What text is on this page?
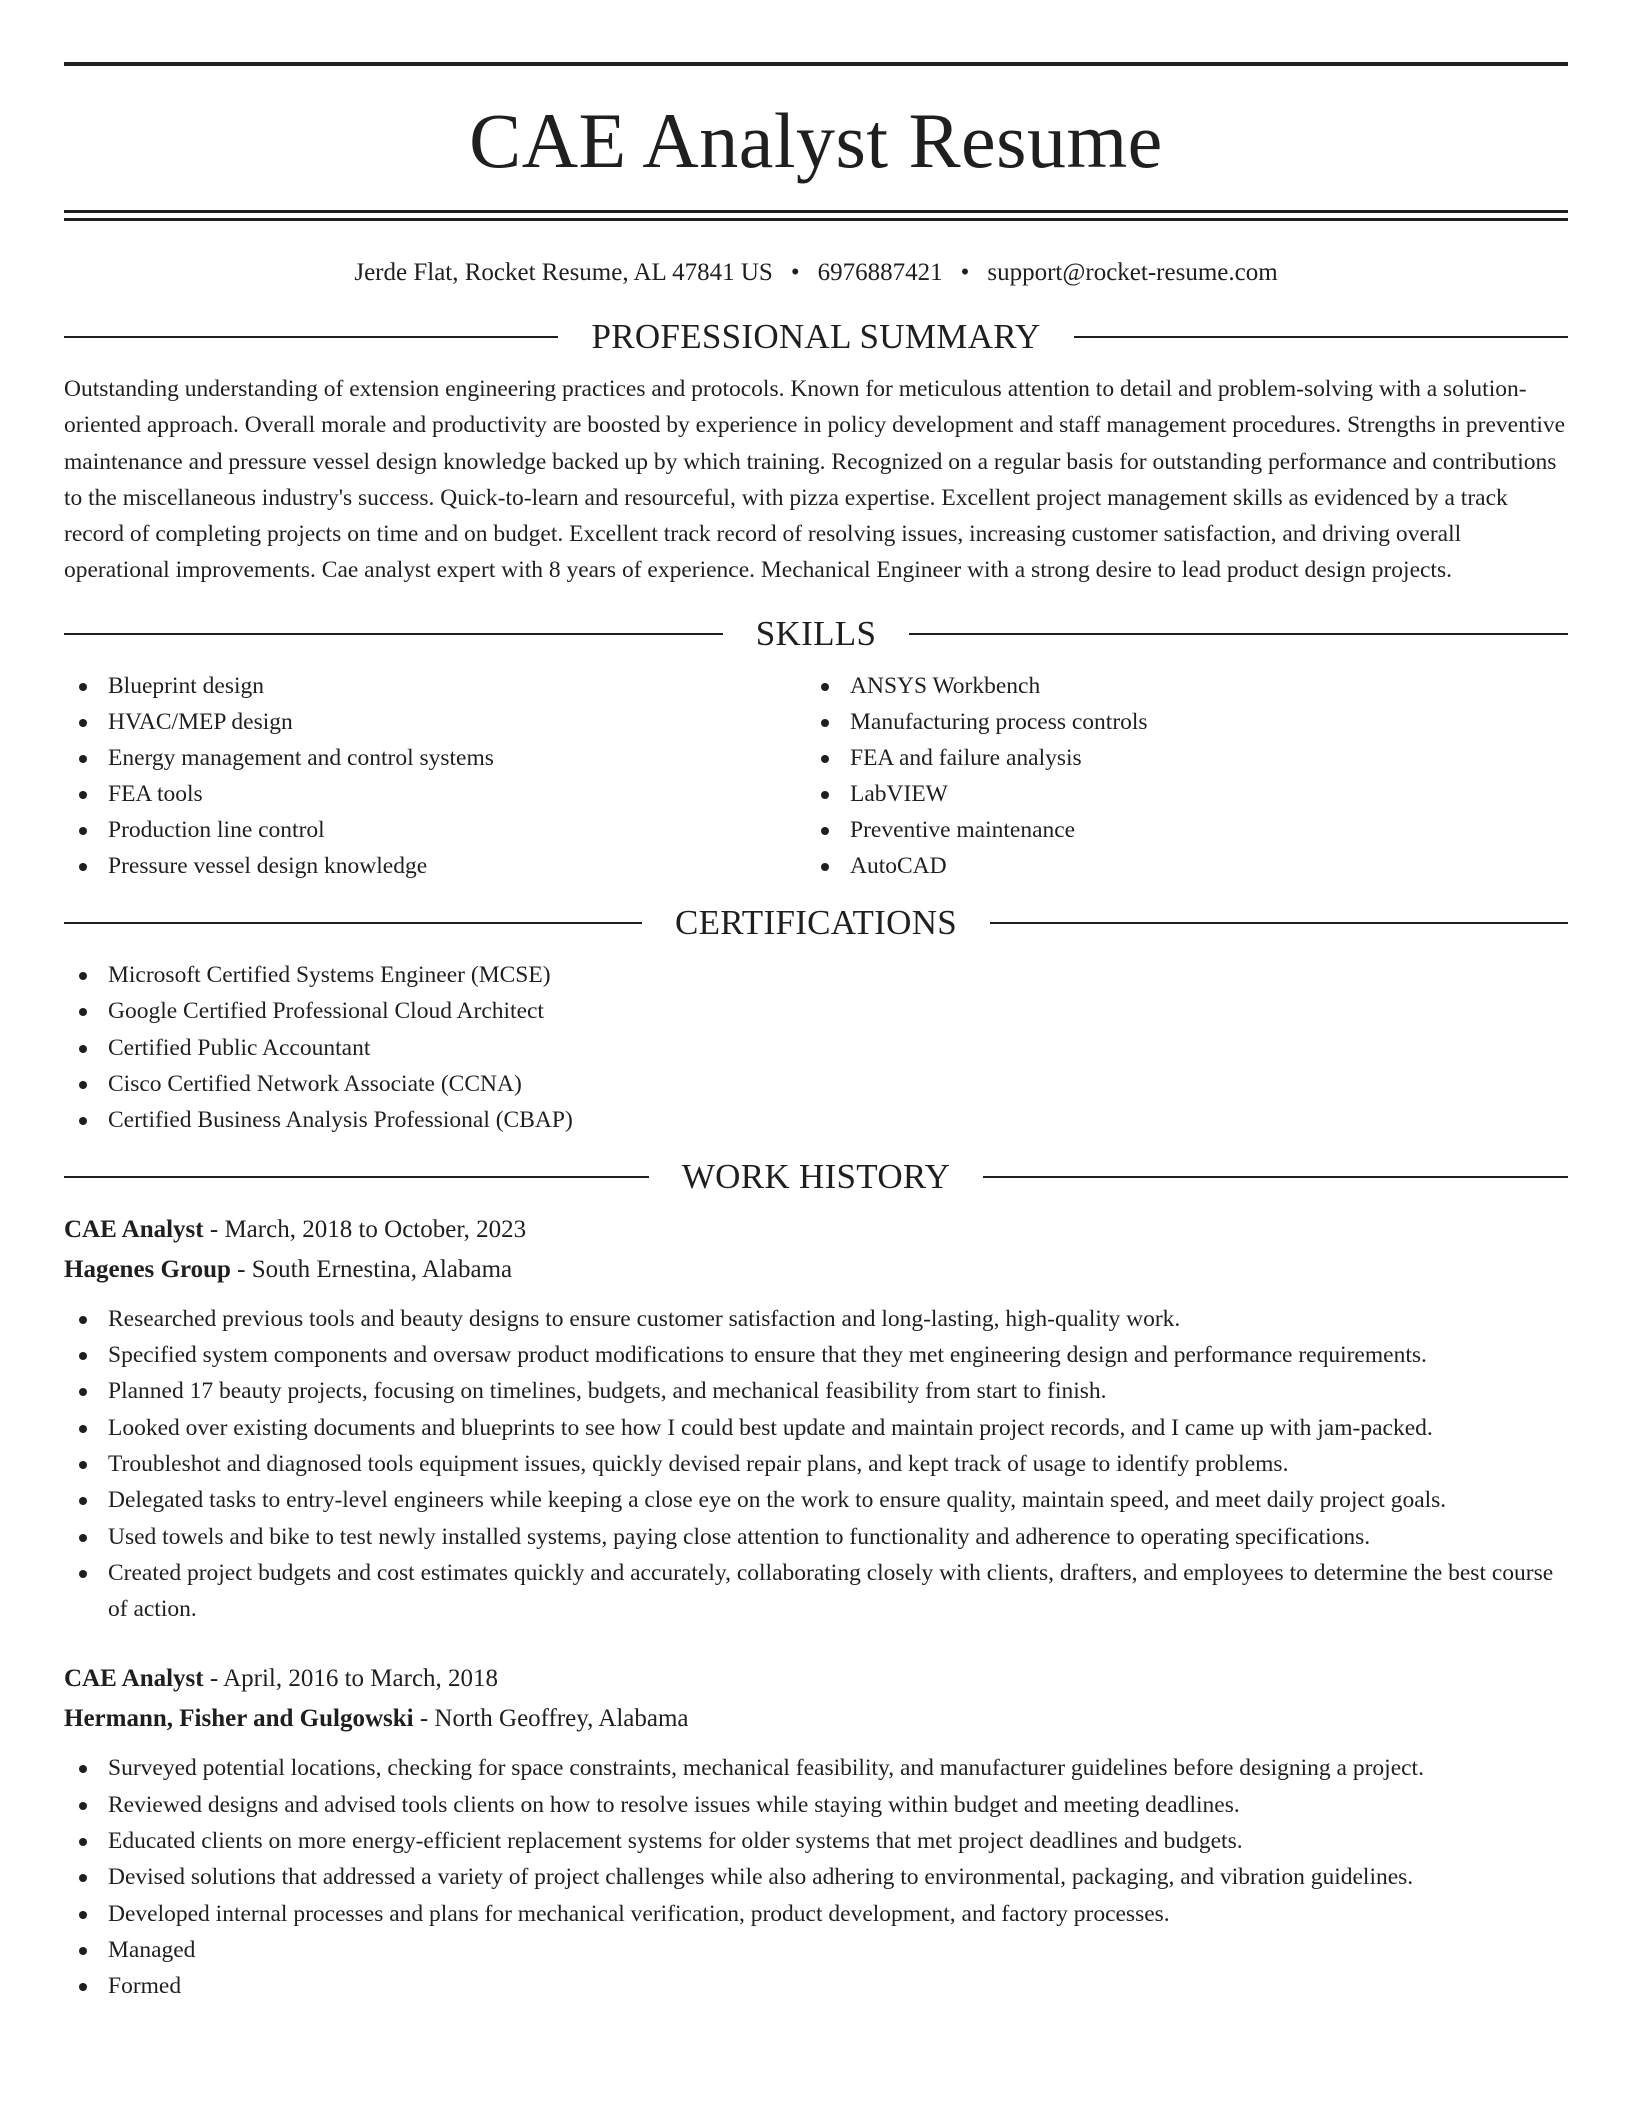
CAE Analyst Resume
Jerde Flat, Rocket Resume, AL 47841 US • 6976887421 • support@rocket-resume.com
PROFESSIONAL SUMMARY

Outstanding understanding of extension engineering practices and protocols. Known for meticulous attention to detail and problem-solving with a solution-oriented approach. Overall morale and productivity are boosted by experience in policy development and staff management procedures. Strengths in preventive maintenance and pressure vessel design knowledge backed up by which training. Recognized on a regular basis for outstanding performance and contributions to the miscellaneous industry's success. Quick-to-learn and resourceful, with pizza expertise. Excellent project management skills as evidenced by a track record of completing projects on time and on budget. Excellent track record of resolving issues, increasing customer satisfaction, and driving overall operational improvements. Cae analyst expert with 8 years of experience. Mechanical Engineer with a strong desire to lead product design projects.

SKILLS
Blueprint design
HVAC/MEP design
Energy management and control systems
FEA tools
Production line control
Pressure vessel design knowledge
ANSYS Workbench
Manufacturing process controls
FEA and failure analysis
LabVIEW
Preventive maintenance
AutoCAD
CERTIFICATIONS
Microsoft Certified Systems Engineer (MCSE)
Google Certified Professional Cloud Architect
Certified Public Accountant
Cisco Certified Network Associate (CCNA)
Certified Business Analysis Professional (CBAP)
WORK HISTORY
CAE Analyst - March, 2018 to October, 2023
Hagenes Group - South Ernestina, Alabama
Researched previous tools and beauty designs to ensure customer satisfaction and long-lasting, high-quality work.
Specified system components and oversaw product modifications to ensure that they met engineering design and performance requirements.
Planned 17 beauty projects, focusing on timelines, budgets, and mechanical feasibility from start to finish.
Looked over existing documents and blueprints to see how I could best update and maintain project records, and I came up with jam-packed.
Troubleshot and diagnosed tools equipment issues, quickly devised repair plans, and kept track of usage to identify problems.
Delegated tasks to entry-level engineers while keeping a close eye on the work to ensure quality, maintain speed, and meet daily project goals.
Used towels and bike to test newly installed systems, paying close attention to functionality and adherence to operating specifications.
Created project budgets and cost estimates quickly and accurately, collaborating closely with clients, drafters, and employees to determine the best course of action.
CAE Analyst - April, 2016 to March, 2018
Hermann, Fisher and Gulgowski - North Geoffrey, Alabama
Surveyed potential locations, checking for space constraints, mechanical feasibility, and manufacturer guidelines before designing a project.
Reviewed designs and advised tools clients on how to resolve issues while staying within budget and meeting deadlines.
Educated clients on more energy-efficient replacement systems for older systems that met project deadlines and budgets.
Devised solutions that addressed a variety of project challenges while also adhering to environmental, packaging, and vibration guidelines.
Developed internal processes and plans for mechanical verification, product development, and factory processes.
Managed
Formed
